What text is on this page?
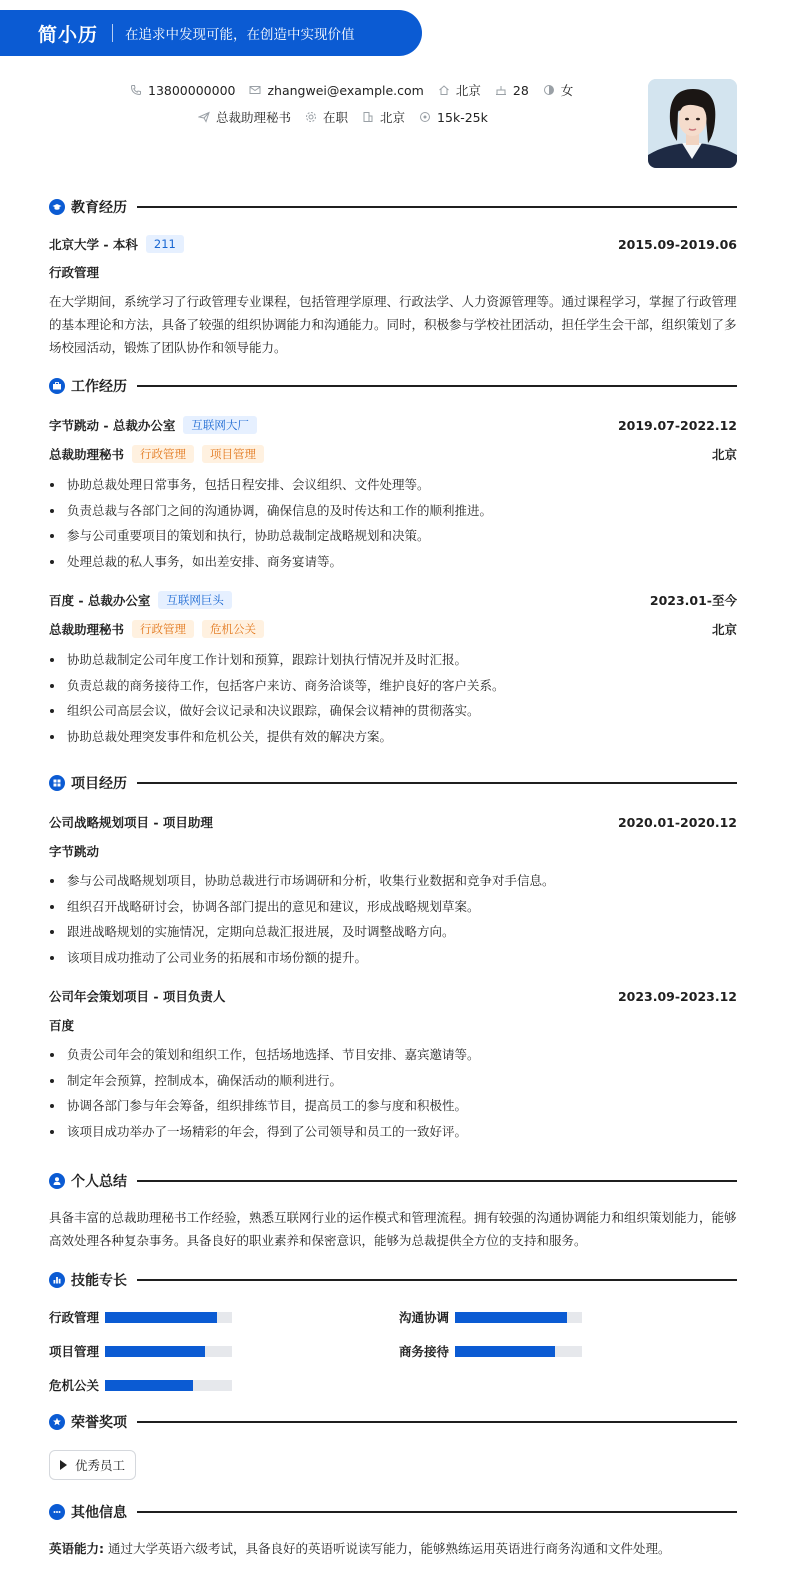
简小历 在追求中发现可能，在创造中实现价值
13800000000	zhangwei@example.com	北京	28	女
总裁助理秘书	在职	北京	15k-25k
教育经历
北京大学 - 本科	211	2015.09-2019.06
行政管理
在大学期间，系统学习了行政管理专业课程，包括管理学原理、行政法学、人力资源管理等。通过课程学习，掌握了行政管理的基本理论和方法，具备了较强的组织协调能力和沟通能力。同时，积极参与学校社团活动，担任学生会干部，组织策划了多场校园活动，锻炼了团队协作和领导能力。
工作经历
字节跳动 - 总裁办公室	互联网大厂	2019.07-2022.12
总裁助理秘书	行政管理	项目管理	北京
协助总裁处理日常事务，包括日程安排、会议组织、文件处理等。
负责总裁与各部门之间的沟通协调，确保信息的及时传达和工作的顺利推进。
参与公司重要项目的策划和执行，协助总裁制定战略规划和决策。
处理总裁的私人事务，如出差安排、商务宴请等。
百度 - 总裁办公室	互联网巨头	2023.01-至今
总裁助理秘书	行政管理	危机公关	北京
协助总裁制定公司年度工作计划和预算，跟踪计划执行情况并及时汇报。
负责总裁的商务接待工作，包括客户来访、商务洽谈等，维护良好的客户关系。
组织公司高层会议，做好会议记录和决议跟踪，确保会议精神的贯彻落实。
协助总裁处理突发事件和危机公关，提供有效的解决方案。
项目经历
公司战略规划项目 - 项目助理	2020.01-2020.12
字节跳动
参与公司战略规划项目，协助总裁进行市场调研和分析，收集行业数据和竞争对手信息。
组织召开战略研讨会，协调各部门提出的意见和建议，形成战略规划草案。
跟进战略规划的实施情况，定期向总裁汇报进展，及时调整战略方向。
该项目成功推动了公司业务的拓展和市场份额的提升。
公司年会策划项目 - 项目负责人	2023.09-2023.12
百度
负责公司年会的策划和组织工作，包括场地选择、节目安排、嘉宾邀请等。
制定年会预算，控制成本，确保活动的顺利进行。
协调各部门参与年会筹备，组织排练节目，提高员工的参与度和积极性。
该项目成功举办了一场精彩的年会，得到了公司领导和员工的一致好评。
个人总结
具备丰富的总裁助理秘书工作经验，熟悉互联网行业的运作模式和管理流程。拥有较强的沟通协调能力和组织策划能力，能够高效处理各种复杂事务。具备良好的职业素养和保密意识，能够为总裁提供全方位的支持和服务。
技能专长
行政管理	沟通协调
项目管理	商务接待
危机公关
荣誉奖项
优秀员工
其他信息
英语能力: 通过大学英语六级考试，具备良好的英语听说读写能力，能够熟练运用英语进行商务沟通和文件处理。
